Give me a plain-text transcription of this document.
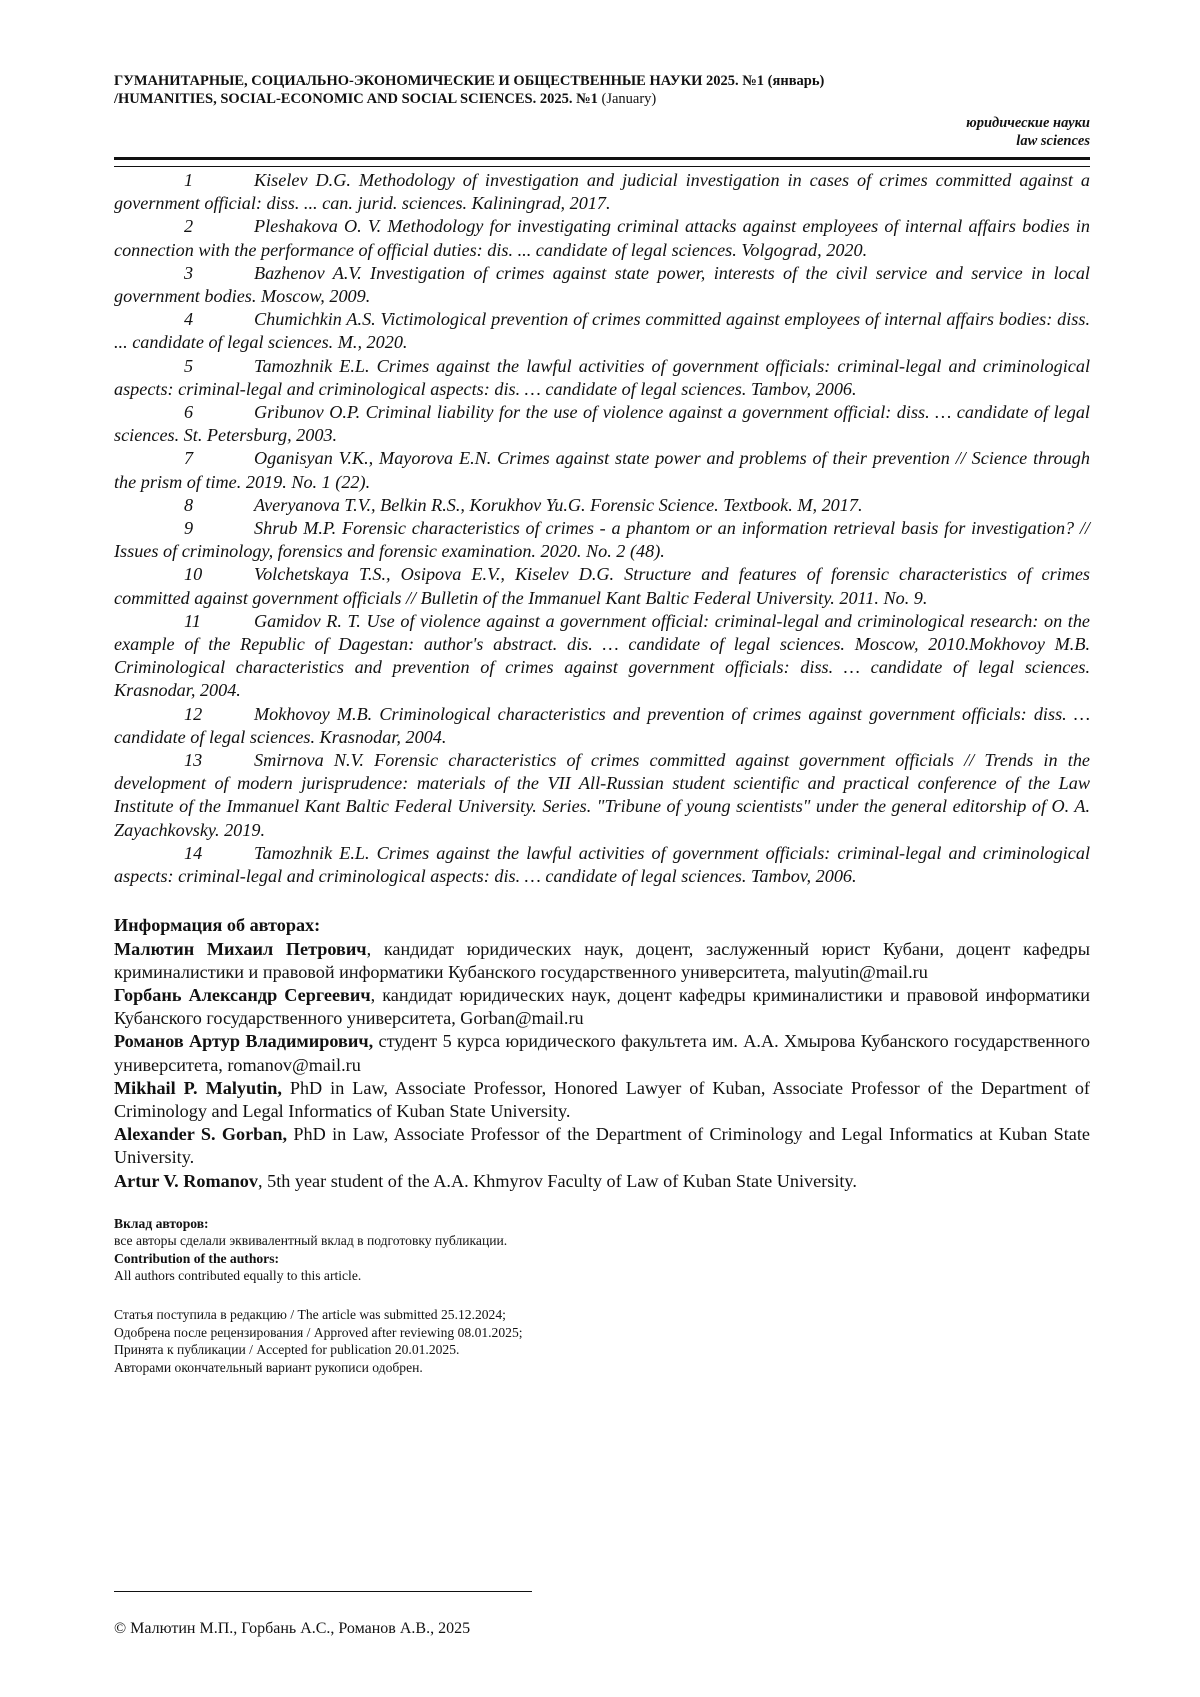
ГУМАНИТАРНЫЕ, СОЦИАЛЬНО-ЭКОНОМИЧЕСКИЕ И ОБЩЕСТВЕННЫЕ НАУКИ 2025. №1 (январь)

/HUMANITIES, SOCIAL-ECONOMIC AND SOCIAL SCIENCES. 2025. №1 (January)

юридические науки
law sciences

1	Kiselev D.G. Methodology of investigation and judicial investigation in cases of crimes committed against a government official: diss. ... can. jurid. sciences. Kaliningrad, 2017.

2	Pleshakova O. V. Methodology for investigating criminal attacks against employees of internal affairs bodies in connection with the performance of official duties: dis. ... candidate of legal sciences. Volgograd, 2020.

3	Bazhenov A.V. Investigation of crimes against state power, interests of the civil service and service in local government bodies. Moscow, 2009.

4	Chumichkin A.S. Victimological prevention of crimes committed against employees of internal affairs bodies: diss. ... candidate of legal sciences. M., 2020.

5	Tamozhnik E.L. Crimes against the lawful activities of government officials: criminal-legal and criminological aspects: criminal-legal and criminological aspects: dis. … candidate of legal sciences. Tambov, 2006.

6	Gribunov O.P. Criminal liability for the use of violence against a government official: diss. … candidate of legal sciences. St. Petersburg, 2003.

7	Oganisyan V.K., Mayorova E.N. Crimes against state power and problems of their prevention // Science through the prism of time. 2019. No. 1 (22).

8	Averyanova T.V., Belkin R.S., Korukhov Yu.G. Forensic Science. Textbook. M, 2017.

9	Shrub M.P. Forensic characteristics of crimes - a phantom or an information retrieval basis for investigation? // Issues of criminology, forensics and forensic examination. 2020. No. 2 (48).

10	Volchetskaya T.S., Osipova E.V., Kiselev D.G. Structure and features of forensic characteristics of crimes committed against government officials // Bulletin of the Immanuel Kant Baltic Federal University. 2011. No. 9.

11	Gamidov R. T. Use of violence against a government official: criminal-legal and criminological research: on the example of the Republic of Dagestan: author's abstract. dis. … candidate of legal sciences. Moscow, 2010.Mokhovoy M.B. Criminological characteristics and prevention of crimes against government officials: diss. … candidate of legal sciences. Krasnodar, 2004.

12	Mokhovoy M.B. Criminological characteristics and prevention of crimes against government officials: diss. … candidate of legal sciences. Krasnodar, 2004.

13	Smirnova N.V. Forensic characteristics of crimes committed against government officials // Trends in the development of modern jurisprudence: materials of the VII All-Russian student scientific and practical conference of the Law Institute of the Immanuel Kant Baltic Federal University. Series. "Tribune of young scientists" under the general editorship of O. A. Zayachkovsky. 2019.

14	Tamozhnik E.L. Crimes against the lawful activities of government officials: criminal-legal and criminological aspects: criminal-legal and criminological aspects: dis. … candidate of legal sciences. Tambov, 2006.

Информация об авторах:

Малютин Михаил Петрович, кандидат юридических наук, доцент, заслуженный юрист Кубани, доцент кафедры криминалистики и правовой информатики Кубанского государственного университета, malyutin@mail.ru

Горбань Александр Сергеевич, кандидат юридических наук, доцент кафедры криминалистики и правовой информатики Кубанского государственного университета, Gorban@mail.ru

Романов Артур Владимирович, студент 5 курса юридического факультета им. А.А. Хмырова Кубанского государственного университета, romanov@mail.ru

Mikhail P. Malyutin, PhD in Law, Associate Professor, Honored Lawyer of Kuban, Associate Professor of the Department of Criminology and Legal Informatics of Kuban State University.

Alexander S. Gorban, PhD in Law, Associate Professor of the Department of Criminology and Legal Informatics at Kuban State University.

Artur V. Romanov, 5th year student of the A.A. Khmyrov Faculty of Law of Kuban State University.

Вклад авторов:

все авторы сделали эквивалентный вклад в подготовку публикации.

Contribution of the authors:

All authors contributed equally to this article.

Статья поступила в редакцию / The article was submitted 25.12.2024;

Одобрена после рецензирования / Approved after reviewing 08.01.2025;

Принята к публикации / Accepted for publication 20.01.2025.

Авторами окончательный вариант рукописи одобрен.

© Малютин М.П., Горбань А.С., Романов А.В., 2025
